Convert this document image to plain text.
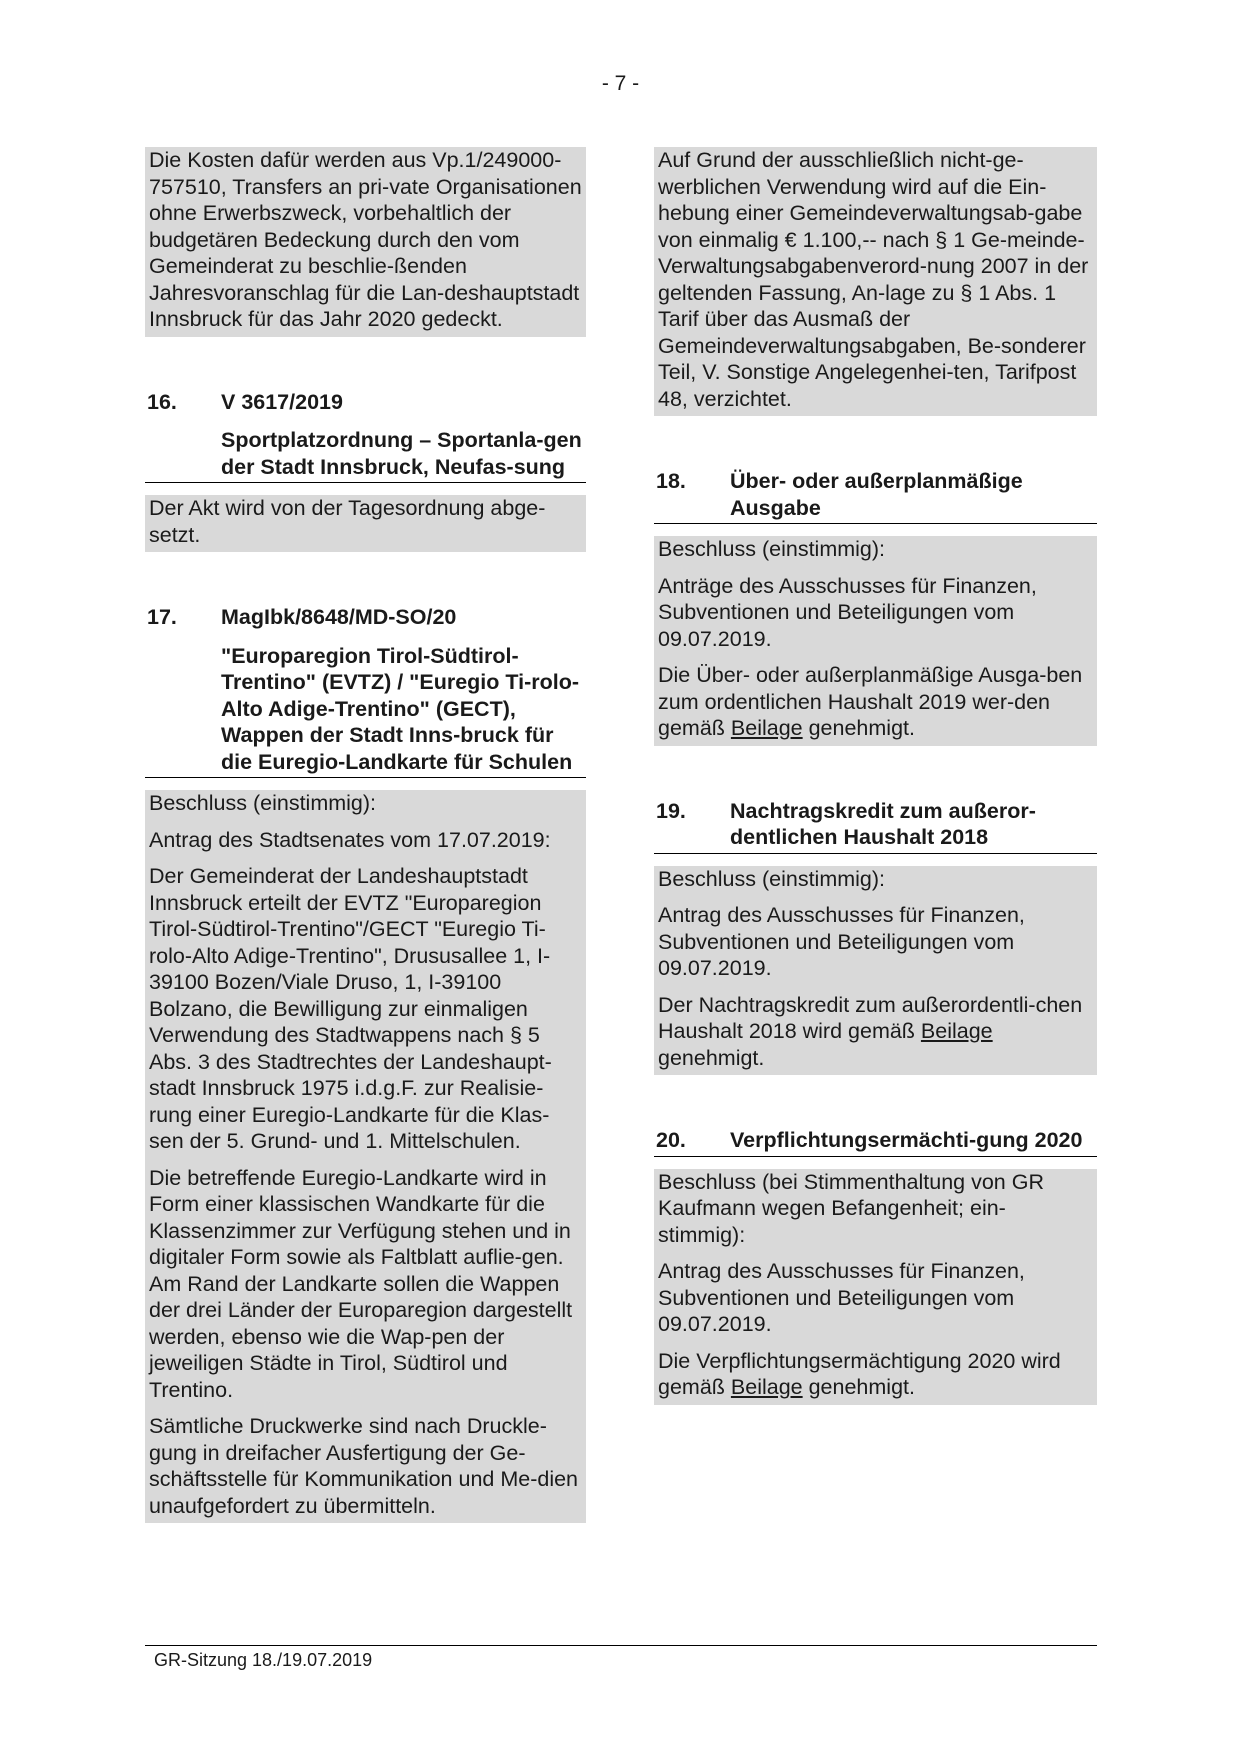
- 7 -

Die Kosten dafür werden aus Vp.1/249000- 757510, Transfers an pri-vate Organisationen ohne Erwerbszweck, vorbehaltlich der budgetären Bedeckung durch den vom Gemeinderat zu beschlie-ßenden Jahresvoranschlag für die Lan-deshauptstadt Innsbruck für das Jahr 2020 gedeckt.

16.	V 3617/2019
Sportplatzordnung – Sportanla-gen der Stadt Innsbruck, Neufas-sung

Der Akt wird von der Tagesordnung abge-setzt.

17.	MagIbk/8648/MD-SO/20
"Europaregion Tirol-Südtirol-Trentino" (EVTZ) / "Euregio Ti-rolo-Alto Adige-Trentino" (GECT), Wappen der Stadt Inns-bruck für die Euregio-Landkarte für Schulen

Beschluss (einstimmig):

Antrag des Stadtsenates vom 17.07.2019:

Der Gemeinderat der Landeshauptstadt Innsbruck erteilt der EVTZ "Europaregion Tirol-Südtirol-Trentino"/GECT "Euregio Ti-rolo-Alto Adige-Trentino", Drususallee 1, I-39100 Bozen/Viale Druso, 1, I-39100 Bolzano, die Bewilligung zur einmaligen Verwendung des Stadtwappens nach § 5 Abs. 3 des Stadtrechtes der Landeshaupt-stadt Innsbruck 1975 i.d.g.F. zur Realisie-rung einer Euregio-Landkarte für die Klas-sen der 5. Grund- und 1. Mittelschulen.

Die betreffende Euregio-Landkarte wird in Form einer klassischen Wandkarte für die Klassenzimmer zur Verfügung stehen und in digitaler Form sowie als Faltblatt auflie-gen. Am Rand der Landkarte sollen die Wappen der drei Länder der Europaregion dargestellt werden, ebenso wie die Wap-pen der jeweiligen Städte in Tirol, Südtirol und Trentino.

Sämtliche Druckwerke sind nach Druckle-gung in dreifacher Ausfertigung der Ge-schäftsstelle für Kommunikation und Me-dien unaufgefordert zu übermitteln.

Auf Grund der ausschließlich nicht-ge-werblichen Verwendung wird auf die Ein-hebung einer Gemeindeverwaltungsab-gabe von einmalig € 1.100,-- nach § 1 Ge-meinde-Verwaltungsabgabenverord-nung 2007 in der geltenden Fassung, An-lage zu § 1 Abs. 1 Tarif über das Ausmaß der Gemeindeverwaltungsabgaben, Be-sonderer Teil, V. Sonstige Angelegenhei-ten, Tarifpost 48, verzichtet.

18.	Über- oder außerplanmäßige Ausgabe

Beschluss (einstimmig):

Anträge des Ausschusses für Finanzen, Subventionen und Beteiligungen vom 09.07.2019.

Die Über- oder außerplanmäßige Ausga-ben zum ordentlichen Haushalt 2019 wer-den gemäß Beilage genehmigt.

19.	Nachtragskredit zum außeror-dentlichen Haushalt 2018

Beschluss (einstimmig):

Antrag des Ausschusses für Finanzen, Subventionen und Beteiligungen vom 09.07.2019.

Der Nachtragskredit zum außerordentli-chen Haushalt 2018 wird gemäß Beilage genehmigt.

20.	Verpflichtungsermächti-gung 2020

Beschluss (bei Stimmenthaltung von GR Kaufmann wegen Befangenheit; ein-stimmig):

Antrag des Ausschusses für Finanzen, Subventionen und Beteiligungen vom 09.07.2019.

Die Verpflichtungsermächtigung 2020 wird gemäß Beilage genehmigt.

GR-Sitzung 18./19.07.2019
